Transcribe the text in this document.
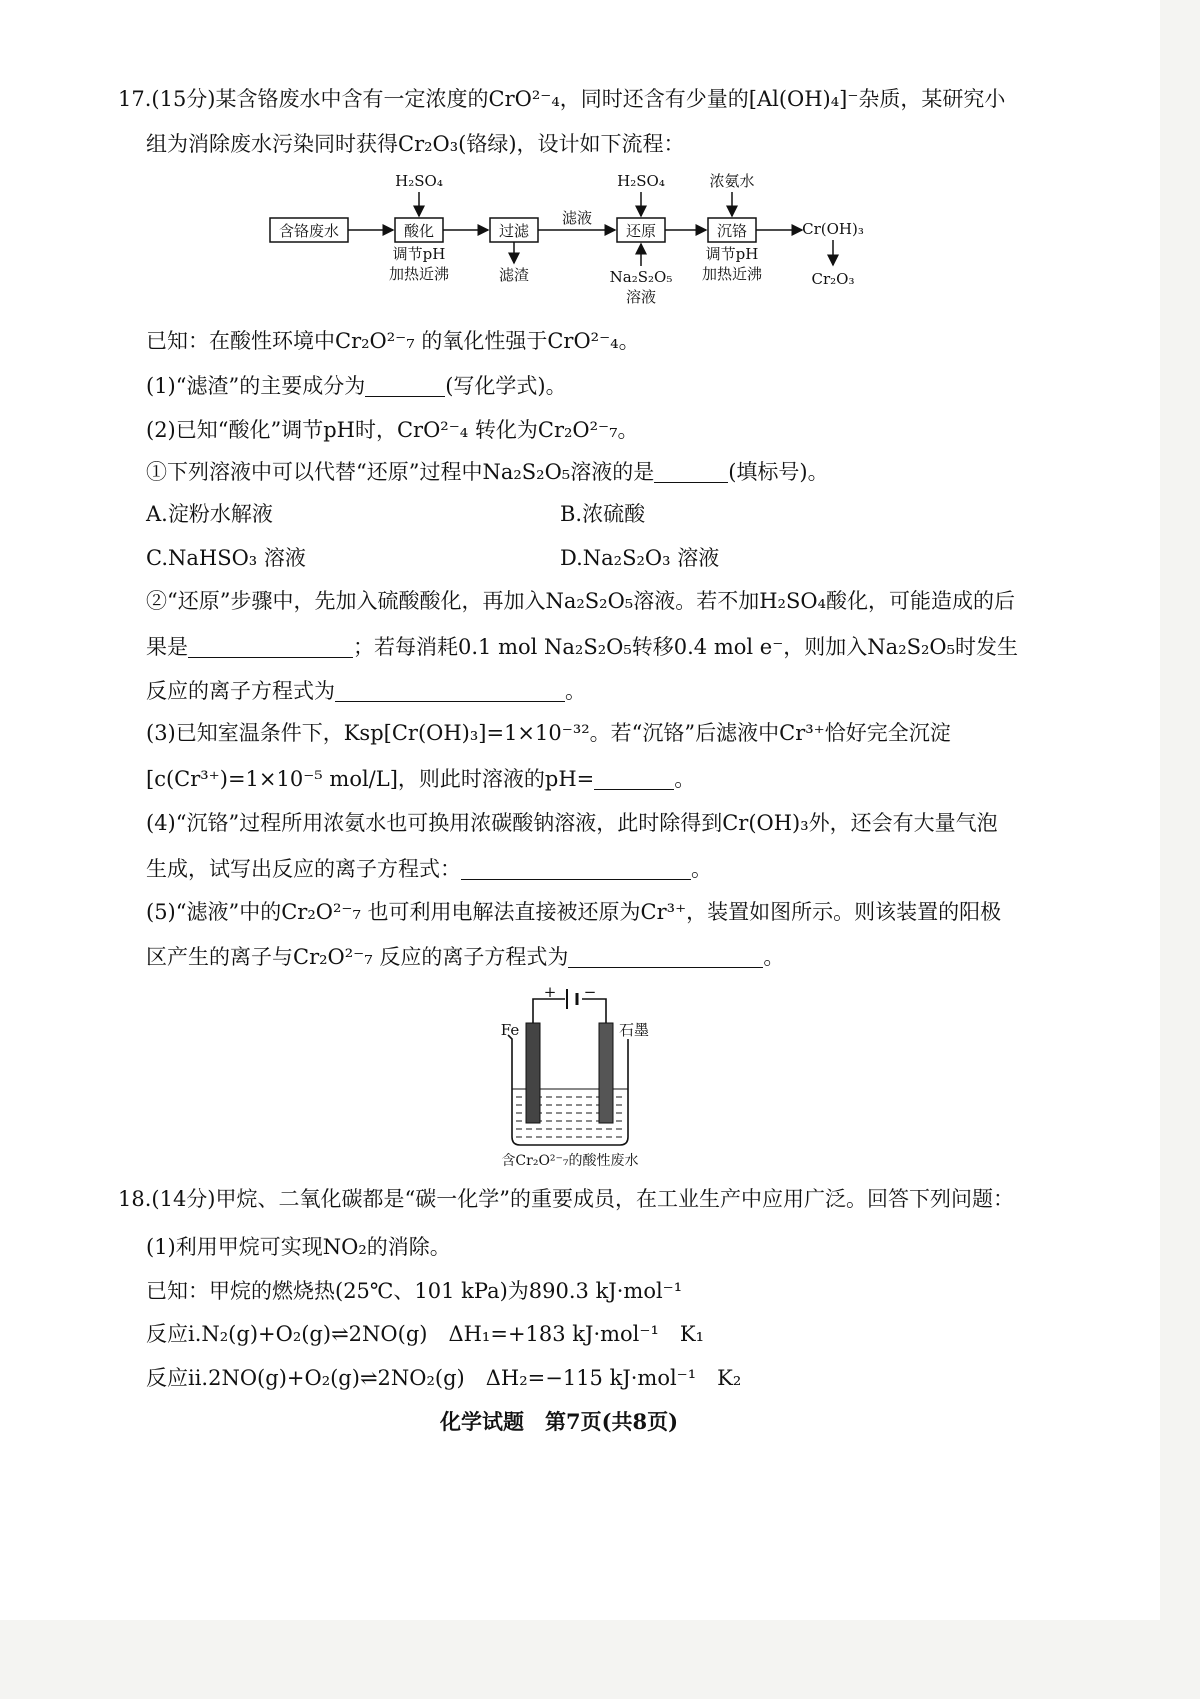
17.(15分)某含铬废水中含有一定浓度的CrO²⁻₄，同时还含有少量的[Al(OH)₄]⁻杂质，某研究小
组为消除废水污染同时获得Cr₂O₃(铬绿)，设计如下流程：
含铬废水	酸化	过滤	还原	沉铬
H₂SO₄	H₂SO₄	浓氨水
滤液
调节pH
加热近沸	滤渣	Na₂S₂O₅
溶液
调节pH
加热近沸
Cr(OH)₃
Cr₂O₃
已知：在酸性环境中Cr₂O²⁻₇ 的氧化性强于CrO²⁻₄。
(1)“滤渣”的主要成分为	(写化学式)。
(2)已知“酸化”调节pH时，CrO²⁻₄ 转化为Cr₂O²⁻₇。
①下列溶液中可以代替“还原”过程中Na₂S₂O₅溶液的是	(填标号)。
A.淀粉水解液	B.浓硫酸
C.NaHSO₃ 溶液	D.Na₂S₂O₃ 溶液
②“还原”步骤中，先加入硫酸酸化，再加入Na₂S₂O₅溶液。若不加H₂SO₄酸化，可能造成的后
果是	；若每消耗0.1 mol Na₂S₂O₅转移0.4 mol e⁻，则加入Na₂S₂O₅时发生
反应的离子方程式为	。
(3)已知室温条件下，Ksp[Cr(OH)₃]=1×10⁻³²。若“沉铬”后滤液中Cr³⁺恰好完全沉淀
[c(Cr³⁺)=1×10⁻⁵ mol/L]，则此时溶液的pH=	。
(4)“沉铬”过程所用浓氨水也可换用浓碳酸钠溶液，此时除得到Cr(OH)₃外，还会有大量气泡
生成，试写出反应的离子方程式：	。
(5)“滤液”中的Cr₂O²⁻₇ 也可利用电解法直接被还原为Cr³⁺，装置如图所示。则该装置的阳极
区产生的离子与Cr₂O²⁻₇ 反应的离子方程式为	。
+ −
Fe	石墨
含Cr₂O²⁻₇的酸性废水
18.(14分)甲烷、二氧化碳都是“碳一化学”的重要成员，在工业生产中应用广泛。回答下列问题：
(1)利用甲烷可实现NO₂的消除。
已知：甲烷的燃烧热(25℃、101 kPa)为890.3 kJ·mol⁻¹
反应ⅰ.N₂(g)+O₂(g)⇌2NO(g)　ΔH₁=+183 kJ·mol⁻¹　K₁
反应ⅱ.2NO(g)+O₂(g)⇌2NO₂(g)　ΔH₂=−115 kJ·mol⁻¹　K₂
化学试题　第7页(共8页)
